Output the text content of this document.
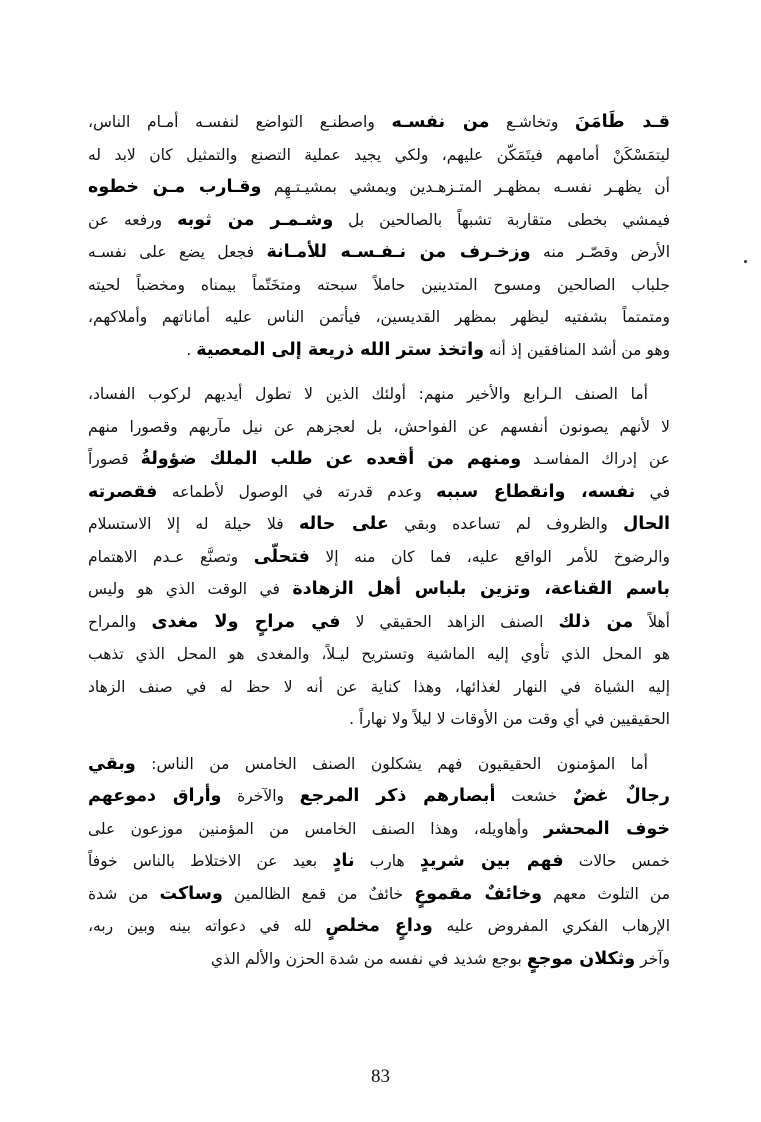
قـد طَامَنَ وتخاشـع من نفسـه واصطنـع التواضع لنفسـه أمـام الناس،
ليتمَسْكَنْ أمامهم فيتَمَكّن عليهم، ولكي يجيد عملية التصنع والتمثيل كان لابد له
أن يظهـر نفسـه بمظهـر المتـزهـدين ويمشي بمشيـتـهِم وقـارب مـن خطوه
فيمشي بخطى متقاربة تشبهاً بالصالحين بل وشـمـر من ثوبه ورفعه عن
الأرض وقصّـر منه وزخـرف من نـفـسـه للأمـانة فجعل يضع على نفسـه
جلباب الصالحين ومسوح المتدينين حاملاً سبحته ومتخَتّماً بيمناه ومخضباً لحيته
ومتمتماً بشفتيه ليظهر بمظهر القديسين، فيأتمن الناس عليه أماناتهم وأملاكهم،
وهو من أشد المنافقين إذ أنه واتخذ ستر الله ذريعة إلى المعصية .
أما الصنف الـرابع والأخير منهم: أولئك الذين لا تطول أيديهم لركوب الفساد،
لا لأنهم يصونون أنفسهم عن الفواحش، بل لعجزهم عن نيل مآربهم وقصورا منهم
عن إدراك المفاسـد ومنهم من أقعده عن طلب الملك ضؤولةُ قصوراً
في نفسه، وانقطاع سببه وعدم قدرته في الوصول لأطماعه فقصرته
الحال والظروف لم تساعده وبقي على حاله فلا حيلة له إلا الاستسلام
والرضوخ للأمر الواقع عليه، فما كان منه إلا فتحلّى وتصنَّع عـدم الاهتمام
باسم القناعة، وتزين بلباس أهل الزهادة في الوقت الذي هو وليس
أهلاً من ذلك الصنف الزاهد الحقيقي لا في مراحٍ ولا مغدى والمراح
هو المحل الذي تأوي إليه الماشية وتستريح ليـلاً، والمغدى هو المحل الذي تذهب
إليه الشياة في النهار لغذائها، وهذا كناية عن أنه لا حظ له في صنف الزهاد
الحقيقيين في أي وقت من الأوقات لا ليلاً ولا نهاراً .
أما المؤمنون الحقيقيون فهم يشكلون الصنف الخامس من الناس: وبقي
رجالٌ غضٌ خشعت أبصارهم ذكر المرجع والآخرة وأراق دموعهم
خوف المحشر وأهاويله، وهذا الصنف الخامس من المؤمنين موزعون على
خمس حالات فهم بين شريدٍ هارب نادٍ بعيد عن الاختلاط بالناس خوفاً
من التلوث معهم وخائفٌ مقموعٍ خائفٌ من قمع الظالمين وساكت من شدة
الإرهاب الفكري المفروض عليه وداعٍ مخلصٍ لله في دعواته بينه وبين ربه،
وآخر وثكلان موجعٍ بوجع شديد في نفسه من شدة الحزن والألم الذي
83
